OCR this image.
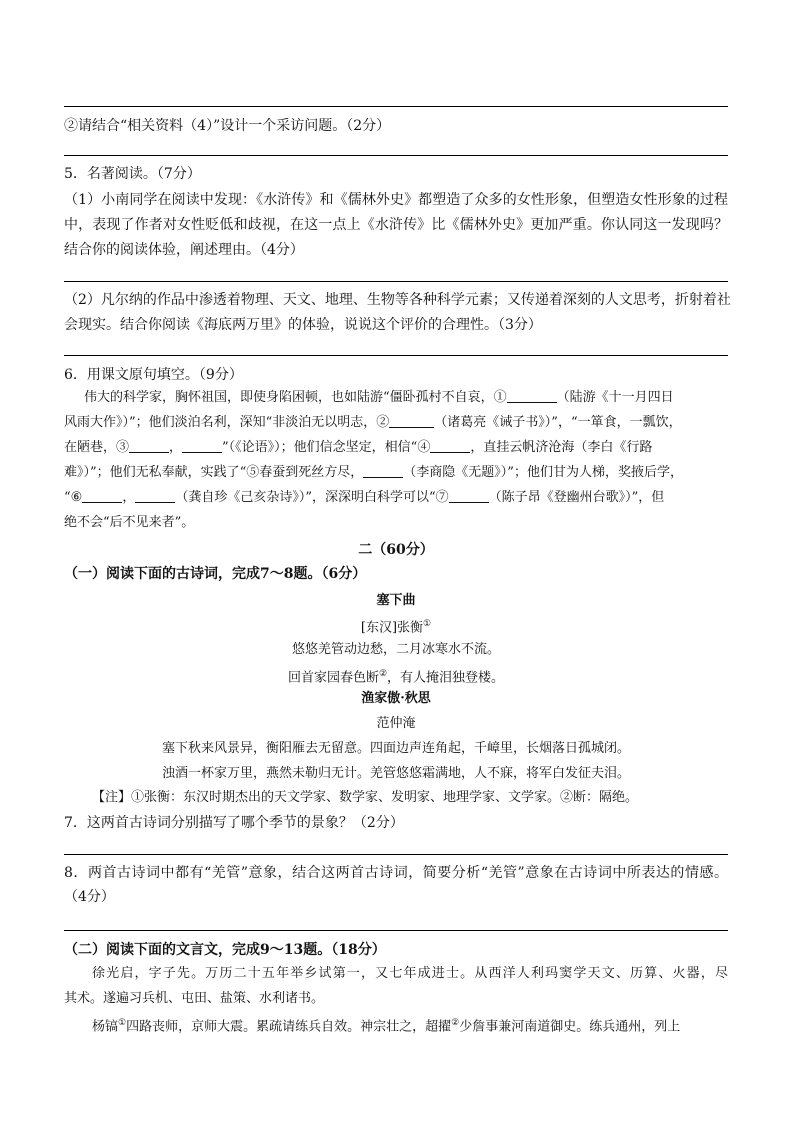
②请结合“相关资料（4）”设计一个采访问题。（2分）
5．名著阅读。（7分）
（1）小南同学在阅读中发现：《水浒传》和《儒林外史》都塑造了众多的女性形象，但塑造女性形象的过程
中，表现了作者对女性贬低和歧视，在这一点上《水浒传》比《儒林外史》更加严重。你认同这一发现吗？
结合你的阅读体验，阐述理由。（4分）
（2）凡尔纳的作品中渗透着物理、天文、地理、生物等各种科学元素；又传递着深刻的人文思考，折射着社
会现实。结合你阅读《海底两万里》的体验，说说这个评价的合理性。（3分）
6．用课文原句填空。（9分）
伟大的科学家，胸怀祖国，即使身陷困顿，也如陆游“僵卧孤村不自哀，①	（陆游《十一月四日
风雨大作》）”；他们淡泊名利，深知“非淡泊无以明志，②	（诸葛亮《诫子书》）”，“一箪食，一瓢饮，
在陋巷，③	，	”（《论语》）；他们信念坚定，相信“④	，直挂云帆济沧海（李白《行路
难》）”；他们无私奉献，实践了“⑤春蚕到死丝方尽，	（李商隐《无题》）”；他们甘为人梯，奖掖后学，
“⑥	，	（龚自珍《己亥杂诗》）”，深深明白科学可以“⑦	（陈子昂《登幽州台歌》）”，但
绝不会“后不见来者”。
二（60分）
（一）阅读下面的古诗词，完成7～8题。（6分）
塞下曲
[东汉]张衡①
悠悠羌管动边愁，二月冰寒水不流。
回首家园春色断②，有人掩泪独登楼。
渔家傲·秋思
范仲淹
塞下秋来风景异，衡阳雁去无留意。四面边声连角起，千嶂里，长烟落日孤城闭。
浊酒一杯家万里，燕然未勒归无计。羌管悠悠霜满地，人不寐，将军白发征夫泪。
【注】①张衡：东汉时期杰出的天文学家、数学家、发明家、地理学家、文学家。②断：隔绝。
7．这两首古诗词分别描写了哪个季节的景象？（2分）
8．两首古诗词中都有“羌管”意象，结合这两首古诗词，简要分析“羌管”意象在古诗词中所表达的情感。
（4分）
（二）阅读下面的文言文，完成9～13题。（18分）
徐光启，字子先。万历二十五年举乡试第一，又七年成进士。从西洋人利玛窦学天文、历算、火器，尽
其术。遂遍习兵机、屯田、盐策、水利诸书。
杨镐①四路丧师，京师大震。累疏请练兵自效。神宗壮之，超擢②少詹事兼河南道御史。练兵通州，列上
